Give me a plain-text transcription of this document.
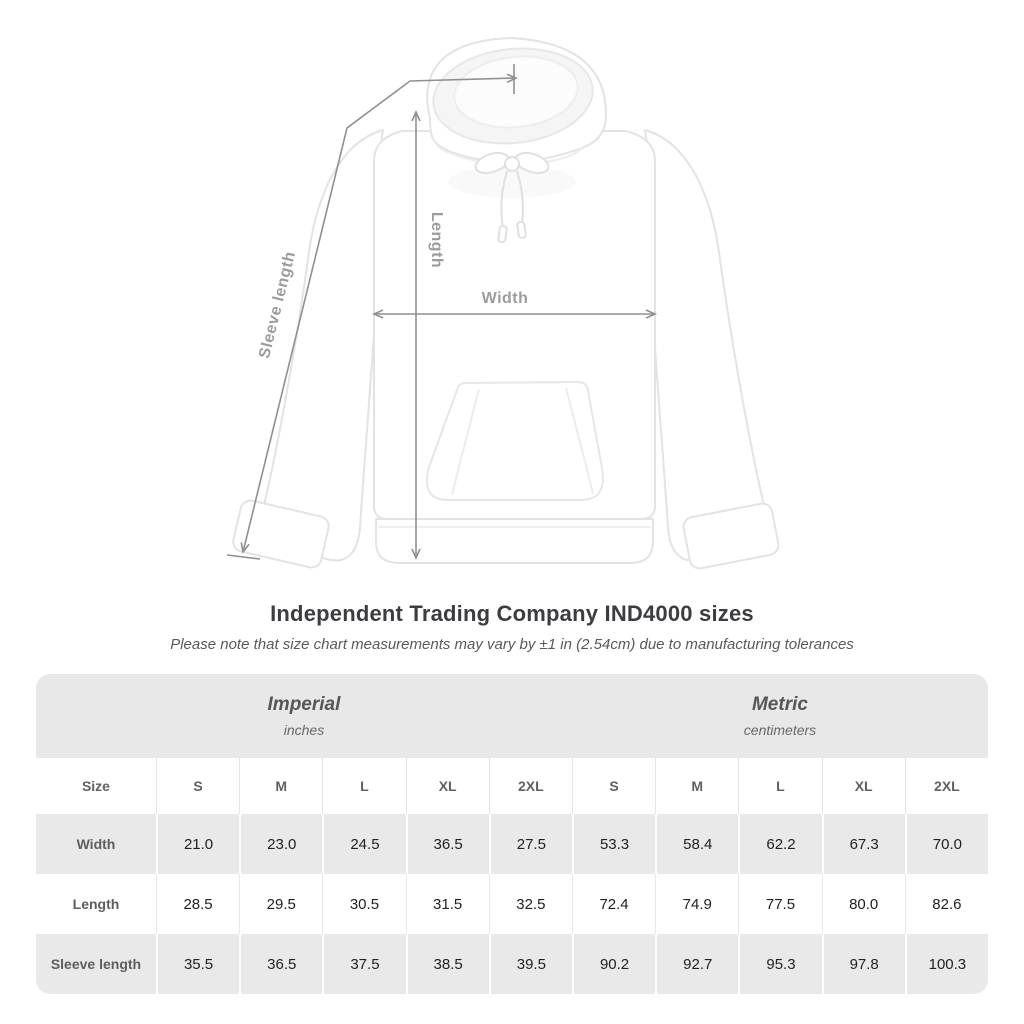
Length
Width
Sleeve length
Independent Trading Company IND4000 sizes

Please note that size chart measurements may vary by ±1 in (2.54cm) due to manufacturing tolerances

Imperial
inches

Metric
centimeters

Size	S	M	L	XL	2XL	S	M	L	XL	2XL
Width	21.0	23.0	24.5	36.5	27.5	53.3	58.4	62.2	67.3	70.0
Length	28.5	29.5	30.5	31.5	32.5	72.4	74.9	77.5	80.0	82.6
Sleeve length	35.5	36.5	37.5	38.5	39.5	90.2	92.7	95.3	97.8	100.3
